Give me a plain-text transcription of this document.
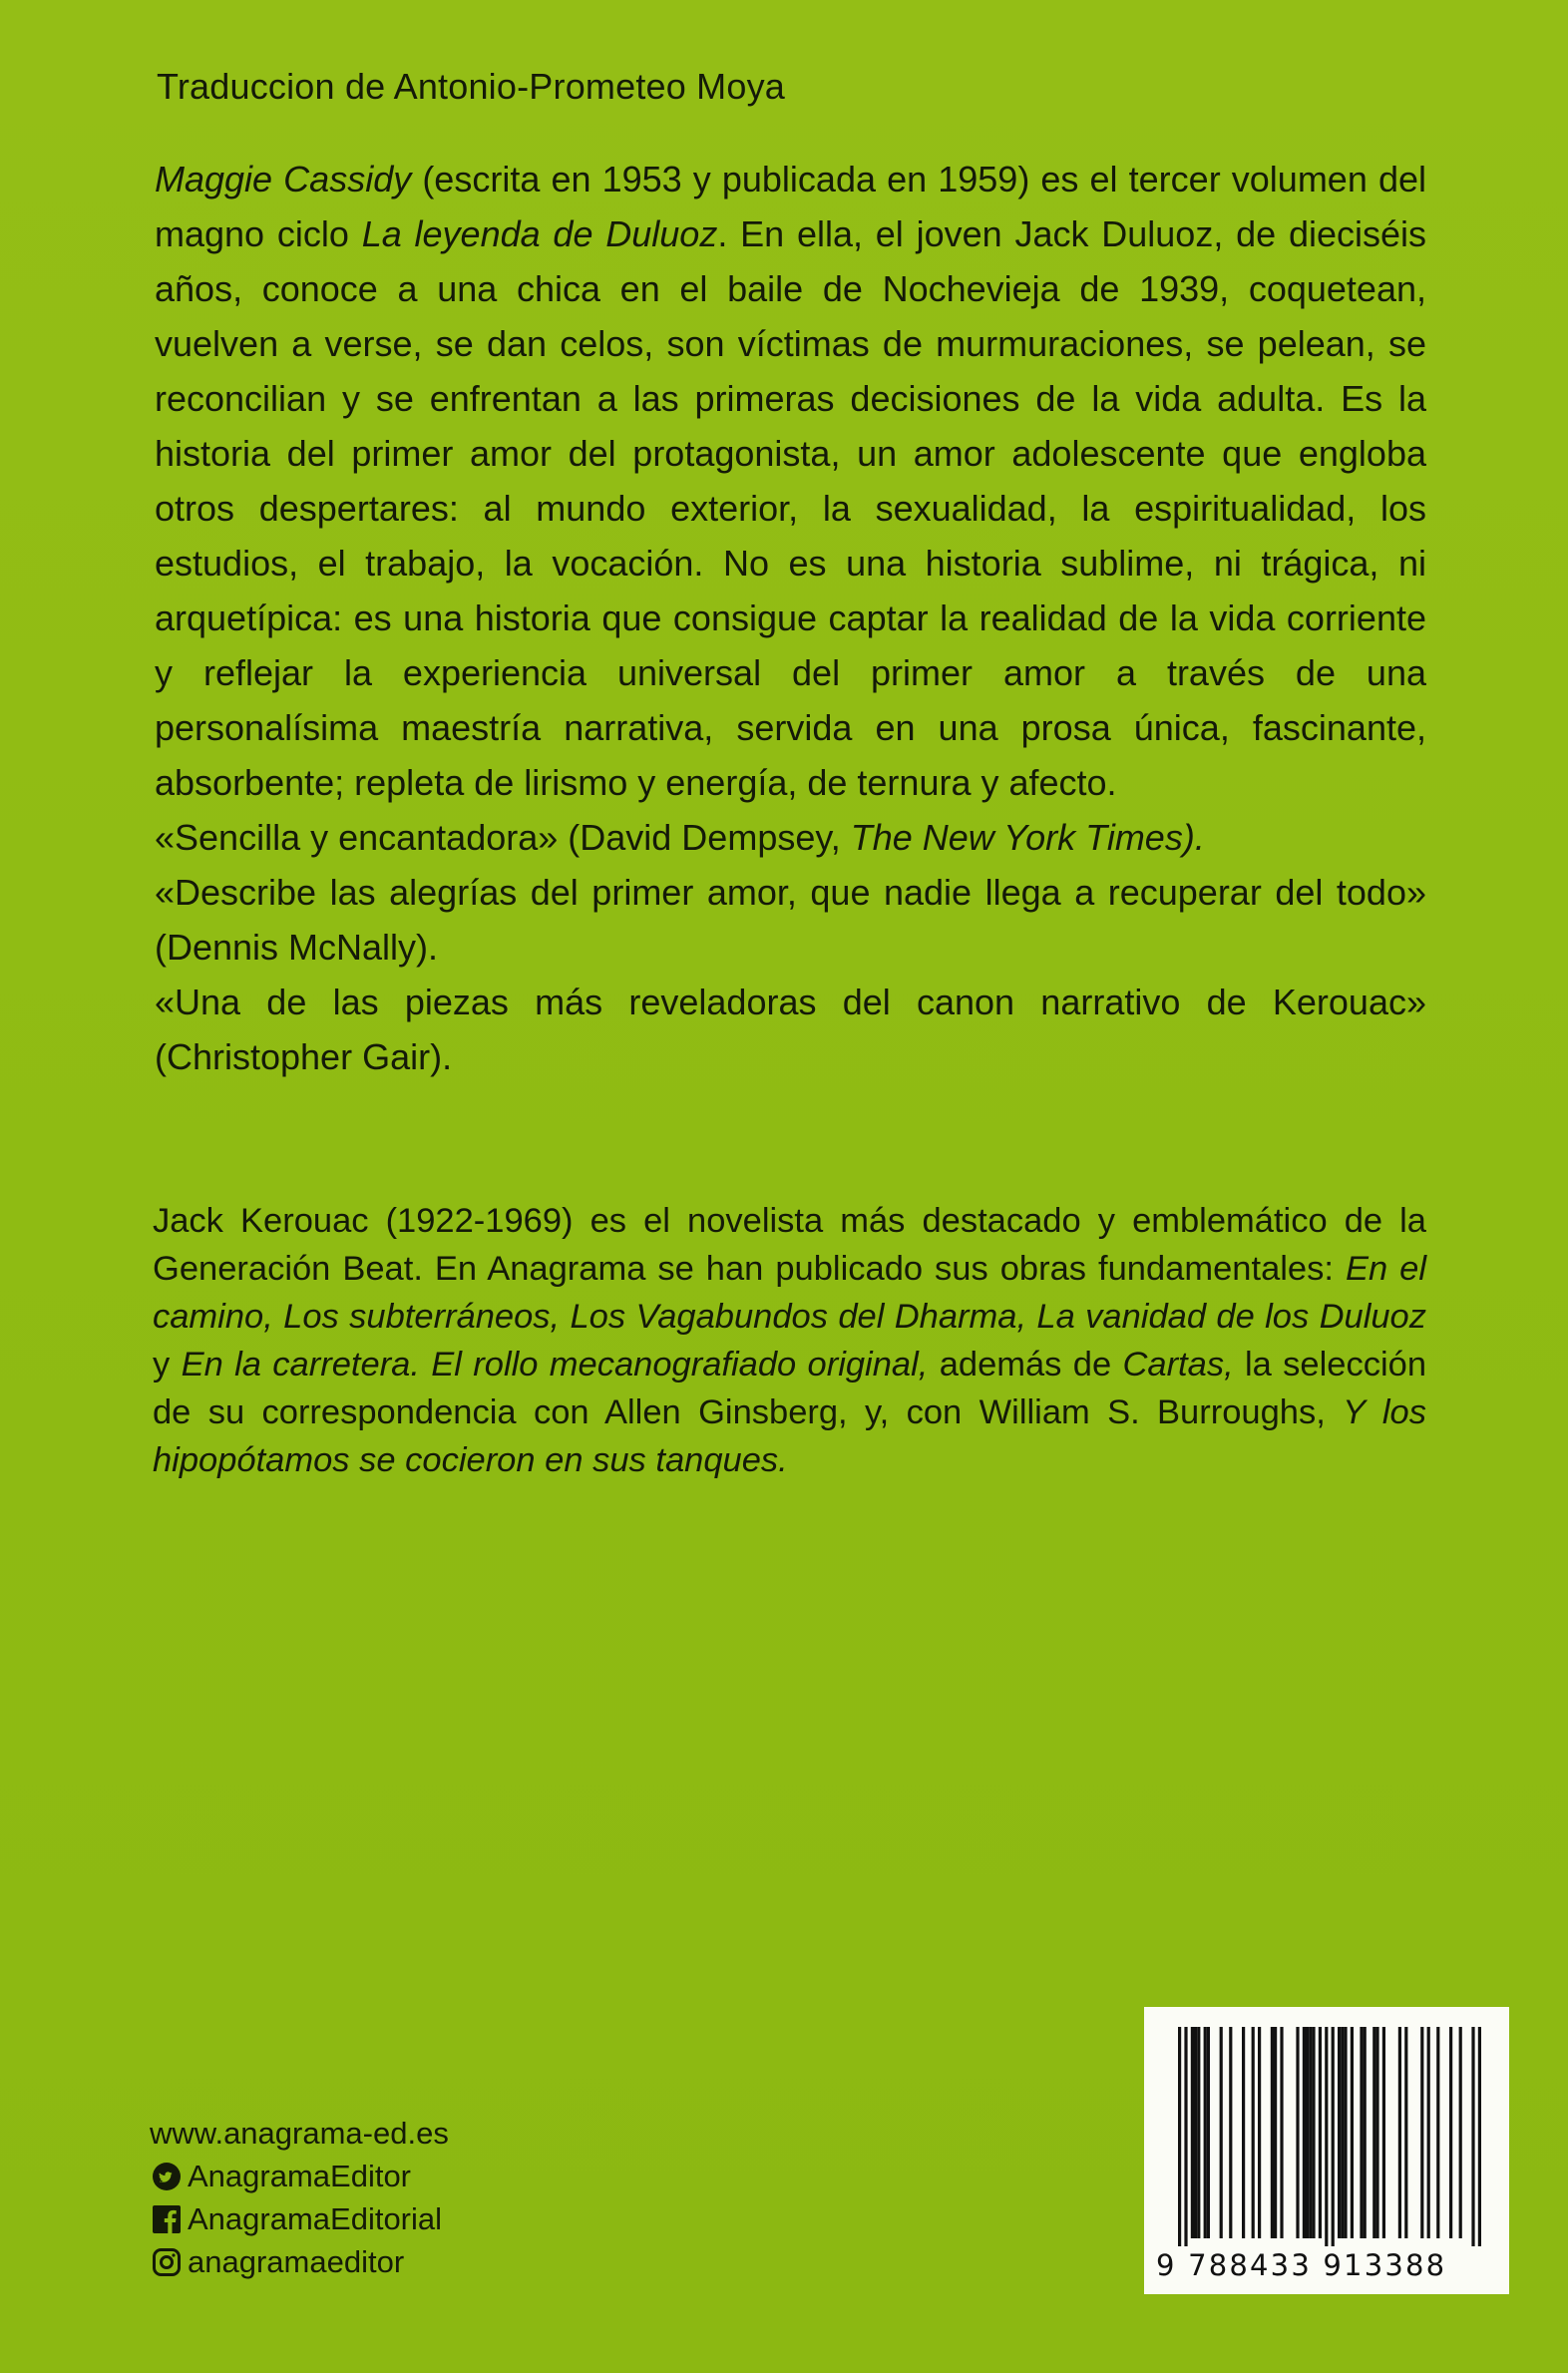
Traduccion de Antonio-Prometeo Moya

Maggie Cassidy (escrita en 1953 y publicada en 1959) es el tercer volumen del magno ciclo La leyenda de Duluoz. En ella, el joven Jack Duluoz, de dieciséis años, conoce a una chica en el baile de Nochevieja de 1939, coquetean, vuelven a verse, se dan celos, son víctimas de murmuraciones, se pelean, se reconcilian y se enfrentan a las primeras decisiones de la vida adulta. Es la historia del primer amor del protagonista, un amor adolescente que engloba otros despertares: al mundo exterior, la sexualidad, la espiritualidad, los estudios, el trabajo, la vocación. No es una historia sublime, ni trágica, ni arquetípica: es una historia que consigue captar la realidad de la vida corriente y reflejar la experiencia universal del primer amor a través de una personalísima maestría narrativa, servida en una prosa única, fascinante, absorbente; repleta de lirismo y energía, de ternura y afecto.

«Sencilla y encantadora» (David Dempsey, The New York Times).

«Describe las alegrías del primer amor, que nadie llega a recuperar del todo» (Dennis McNally).

«Una de las piezas más reveladoras del canon narrativo de Kerouac» (Christopher Gair).

Jack Kerouac (1922-1969) es el novelista más destacado y emblemático de la Generación Beat. En Anagrama se han publicado sus obras fundamentales: En el camino, Los subterráneos, Los Vagabundos del Dharma, La vanidad de los Duluoz y En la carretera. El rollo mecanografiado original, además de Cartas, la selección de su correspondencia con Allen Ginsberg, y, con William S. Burroughs, Y los hipopótamos se cocieron en sus tanques.

www.anagrama-ed.es
AnagramaEditor
AnagramaEditorial
anagramaeditor	9 788433 913388
